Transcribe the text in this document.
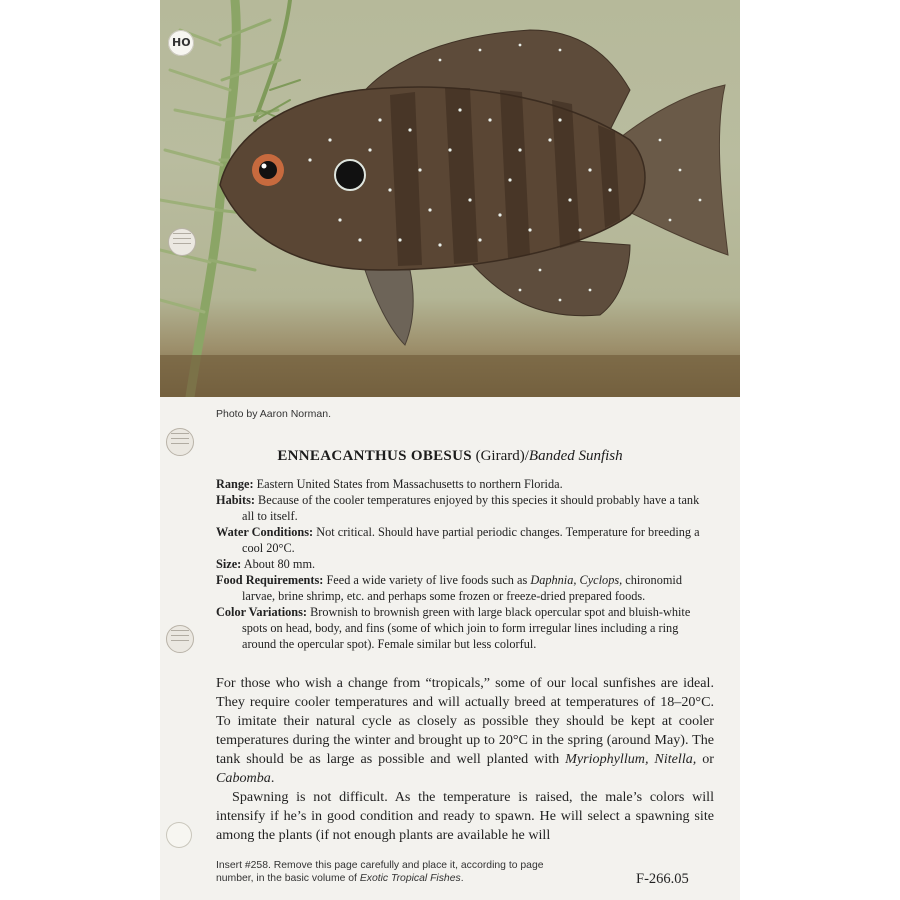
HO
Photo by Aaron Norman.
ENNEACANTHUS OBESUS (Girard)/Banded Sunfish

Range: Eastern United States from Massachusetts to northern Florida.

Habits: Because of the cooler temperatures enjoyed by this species it should probably have a tank all to itself.

Water Conditions: Not critical. Should have partial periodic changes. Temperature for breeding a cool 20°C.

Size: About 80 mm.

Food Requirements: Feed a wide variety of live foods such as Daphnia, Cyclops, chironomid larvae, brine shrimp, etc. and perhaps some frozen or freeze-dried prepared foods.

Color Variations: Brownish to brownish green with large black opercular spot and bluish-white spots on head, body, and fins (some of which join to form irregular lines including a ring around the opercular spot). Female similar but less colorful.

For those who wish a change from “tropicals,” some of our local sunfishes are ideal. They require cooler temperatures and will actually breed at temperatures of 18–20°C. To imitate their natural cycle as closely as possible they should be kept at cooler temperatures during the winter and brought up to 20°C in the spring (around May). The tank should be as large as possible and well planted with Myriophyllum, Nitella, or Cabomba.

Spawning is not difficult. As the temperature is raised, the male’s colors will intensify if he’s in good condition and ready to spawn. He will select a spawning site among the plants (if not enough plants are available he will

Insert #258. Remove this page carefully and place it, according to page number, in the basic volume of Exotic Tropical Fishes.	F-266.05
